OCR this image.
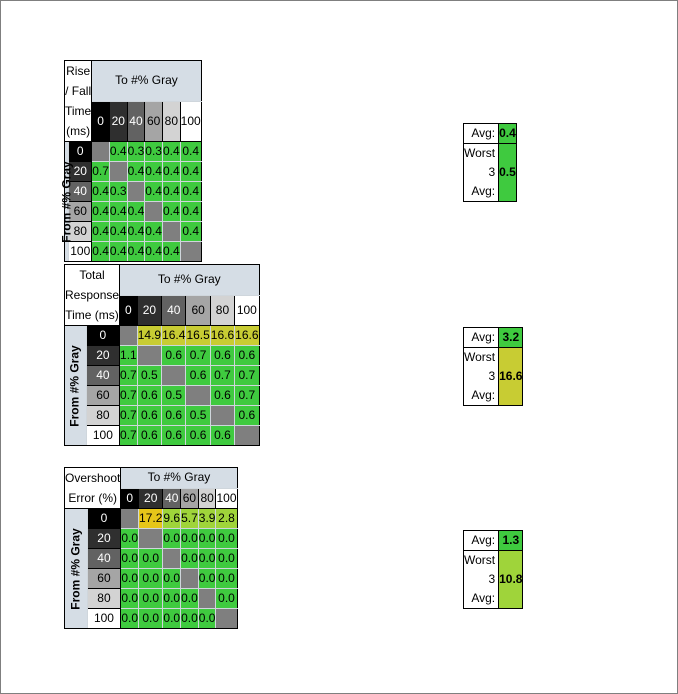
Rise / Fall
Time (ms)		To #% Gray					
		0	20	40	60	80	100

From #% Gray	0		0.4	0.3	0.3	0.4	0.4
	20	0.7		0.4	0.4	0.4	0.4
	40	0.4	0.3		0.4	0.4	0.4
	60	0.4	0.4	0.4		0.4	0.4
	80	0.4	0.4	0.4	0.4		0.4
	100	0.4	0.4	0.4	0.4	0.4	
Avg:	0.4
Worst 3 Avg:	0.5
Total Response
Time (ms)		To #% Gray					
		0	20	40	60	80	100

From #% Gray	0		14.9	16.4	16.5	16.6	16.6
	20	1.1		0.6	0.7	0.6	0.6
	40	0.7	0.5		0.6	0.7	0.7
	60	0.7	0.6	0.5		0.6	0.7
	80	0.7	0.6	0.6	0.5		0.6
	100	0.7	0.6	0.6	0.6	0.6	
Avg:	3.2
Worst 3 Avg:	16.6
Overshoot
Error (%)		To #% Gray					
		0	20	40	60	80	100

From #% Gray	0		17.2	9.6	5.7	3.9	2.8
	20	0.0		0.0	0.0	0.0	0.0
	40	0.0	0.0		0.0	0.0	0.0
	60	0.0	0.0	0.0		0.0	0.0
	80	0.0	0.0	0.0	0.0		0.0
	100	0.0	0.0	0.0	0.0	0.0	
Avg:	1.3
Worst 3 Avg:	10.8
